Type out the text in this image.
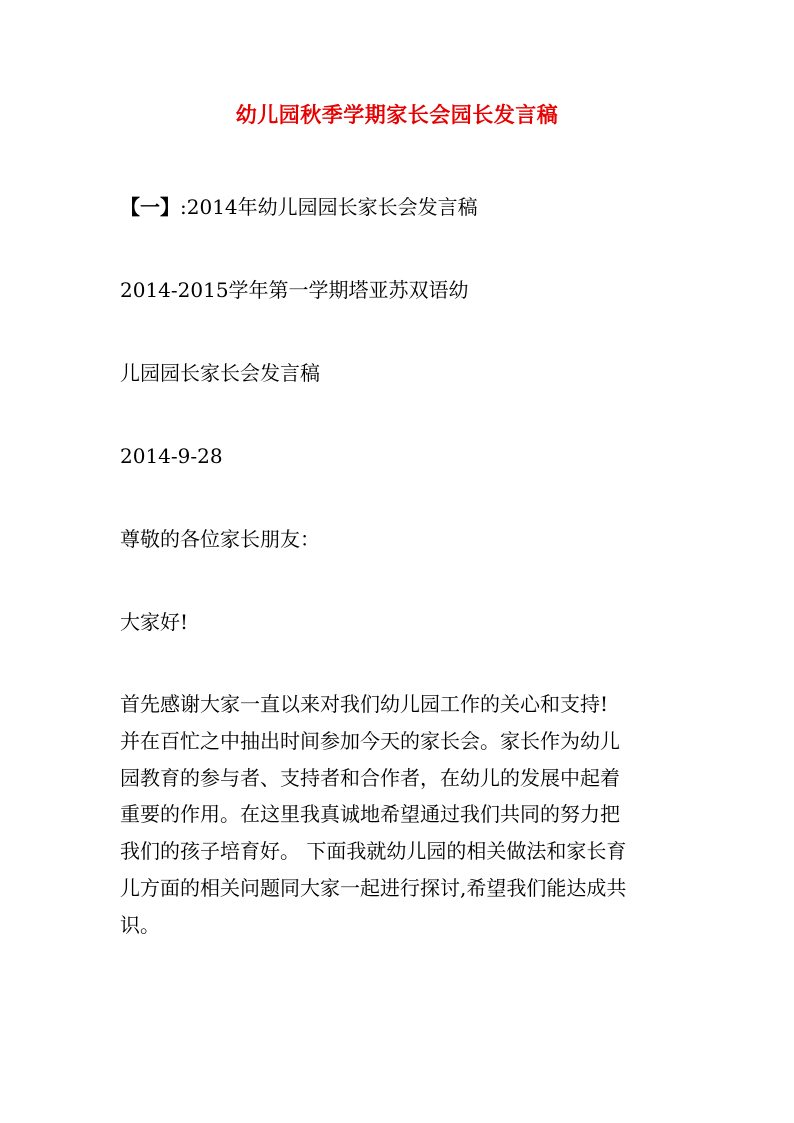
幼儿园秋季学期家长会园长发言稿
【一】:2014年幼儿园园长家长会发言稿
2014-2015学年第一学期塔亚苏双语幼
儿园园长家长会发言稿
2014-9-28
尊敬的各位家长朋友：
大家好!
首先感谢大家一直以来对我们幼儿园工作的关心和支持!
并在百忙之中抽出时间参加今天的家长会。家长作为幼儿
园教育的参与者、支持者和合作者，在幼儿的发展中起着
重要的作用。在这里我真诚地希望通过我们共同的努力把
我们的孩子培育好。 下面我就幼儿园的相关做法和家长育
儿方面的相关问题同大家一起进行探讨,希望我们能达成共
识。
